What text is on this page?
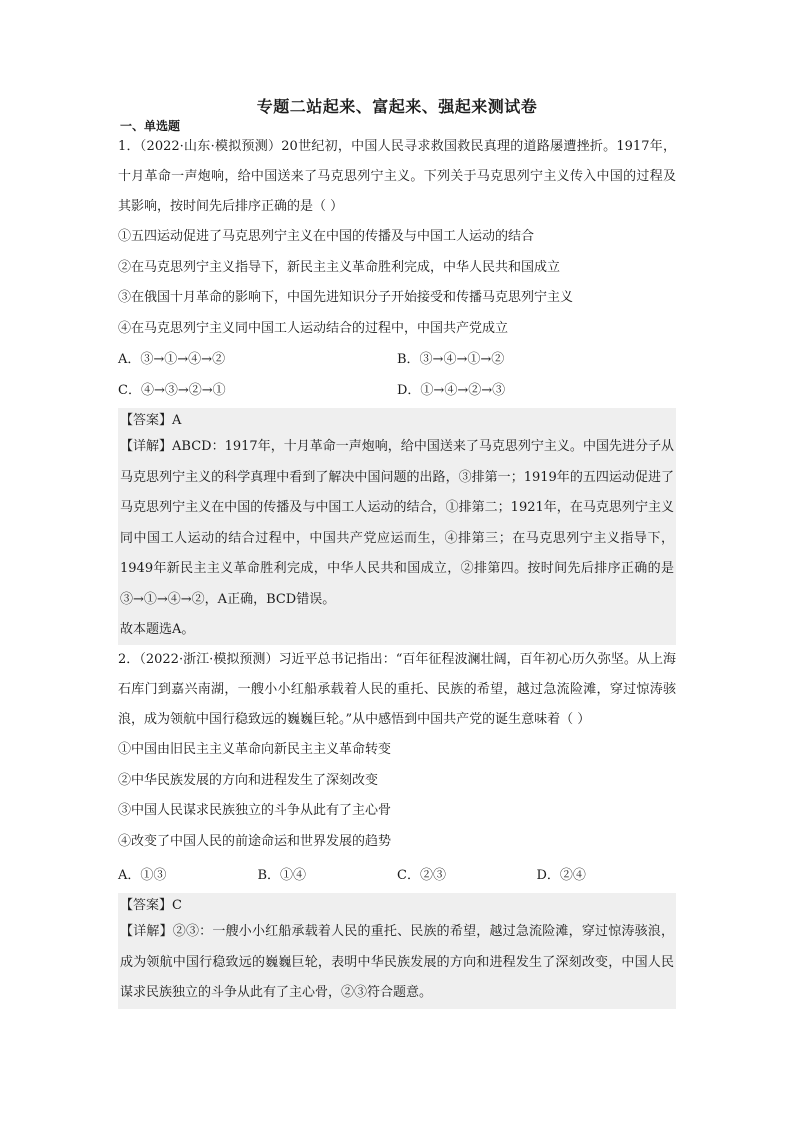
专题二站起来、富起来、强起来测试卷
一、单选题

1．（2022·山东·模拟预测）20世纪初，中国人民寻求救国救民真理的道路屡遭挫折。1917年，十月革命一声炮响，给中国送来了马克思列宁主义。下列关于马克思列宁主义传入中国的过程及其影响，按时间先后排序正确的是（ ）

①五四运动促进了马克思列宁主义在中国的传播及与中国工人运动的结合

②在马克思列宁主义指导下，新民主主义革命胜利完成，中华人民共和国成立

③在俄国十月革命的影响下，中国先进知识分子开始接受和传播马克思列宁主义

④在马克思列宁主义同中国工人运动结合的过程中，中国共产党成立

A．③→①→④→②	B．③→④→①→②
C．④→③→②→①	D．①→④→②→③
【答案】A

【详解】ABCD：1917年，十月革命一声炮响，给中国送来了马克思列宁主义。中国先进分子从马克思列宁主义的科学真理中看到了解决中国问题的出路，③排第一；1919年的五四运动促进了马克思列宁主义在中国的传播及与中国工人运动的结合，①排第二；1921年，在马克思列宁主义同中国工人运动的结合过程中，中国共产党应运而生，④排第三；在马克思列宁主义指导下，1949年新民主主义革命胜利完成，中华人民共和国成立，②排第四。按时间先后排序正确的是③→①→④→②，A正确，BCD错误。

故本题选A。

2．（2022·浙江·模拟预测）习近平总书记指出：“百年征程波澜壮阔，百年初心历久弥坚。从上海石库门到嘉兴南湖，一艘小小红船承载着人民的重托、民族的希望，越过急流险滩，穿过惊涛骇浪，成为领航中国行稳致远的巍巍巨轮。”从中感悟到中国共产党的诞生意味着（ ）

①中国由旧民主主义革命向新民主主义革命转变

②中华民族发展的方向和进程发生了深刻改变

③中国人民谋求民族独立的斗争从此有了主心骨

④改变了中国人民的前途命运和世界发展的趋势

A．①③	B．①④	C．②③	D．②④
【答案】C

【详解】②③：一艘小小红船承载着人民的重托、民族的希望，越过急流险滩，穿过惊涛骇浪，成为领航中国行稳致远的巍巍巨轮，表明中华民族发展的方向和进程发生了深刻改变，中国人民谋求民族独立的斗争从此有了主心骨，②③符合题意。
